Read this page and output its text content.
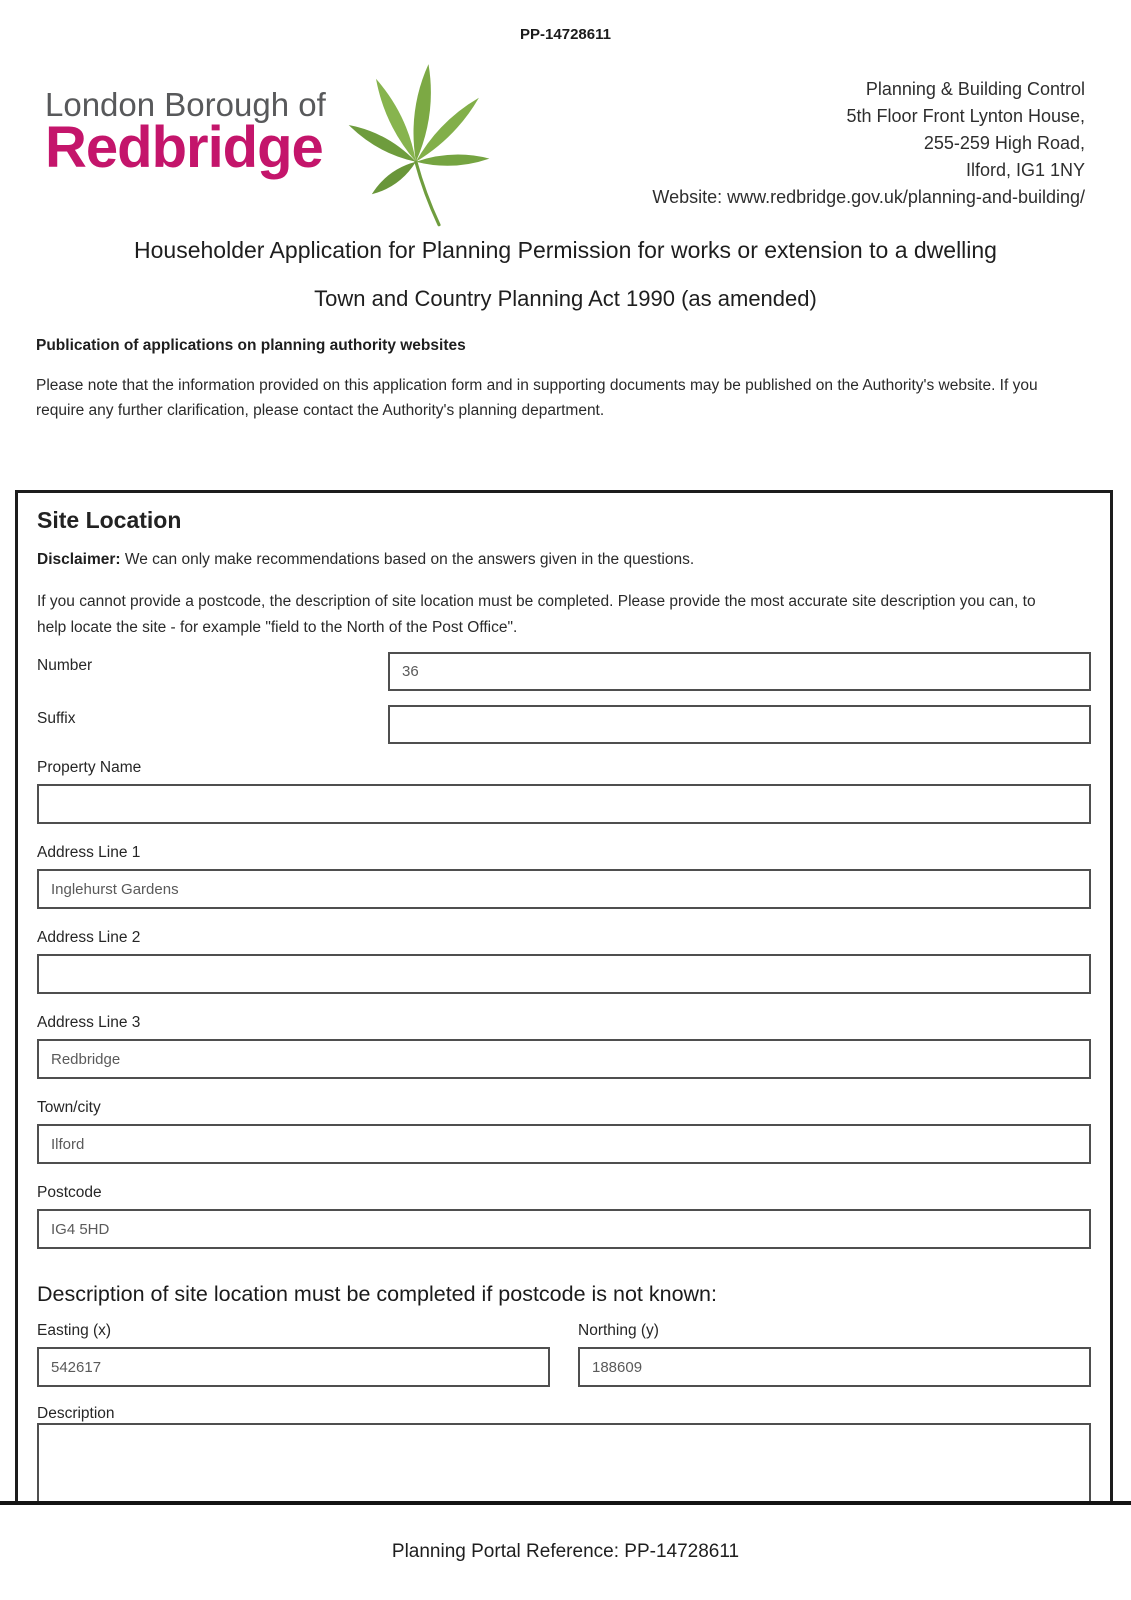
PP-14728611
London Borough of
Redbridge
Planning & Building Control
5th Floor Front Lynton House,
255-259 High Road,
Ilford, IG1 1NY
Website: www.redbridge.gov.uk/planning-and-building/
Householder Application for Planning Permission for works or extension to a dwelling
Town and Country Planning Act 1990 (as amended)
Publication of applications on planning authority websites
Please note that the information provided on this application form and in supporting documents may be published on the Authority's website. If you require any further clarification, please contact the Authority's planning department.
Site Location
Disclaimer: We can only make recommendations based on the answers given in the questions.
If you cannot provide a postcode, the description of site location must be completed. Please provide the most accurate site description you can, to help locate the site - for example "field to the North of the Post Office".
Number
36
Suffix
Property Name
Address Line 1
Inglehurst Gardens
Address Line 2
Address Line 3
Redbridge
Town/city
Ilford
Postcode
IG4 5HD
Description of site location must be completed if postcode is not known:
Easting (x)
542617	Northing (y)
188609
Description
Planning Portal Reference: PP-14728611
